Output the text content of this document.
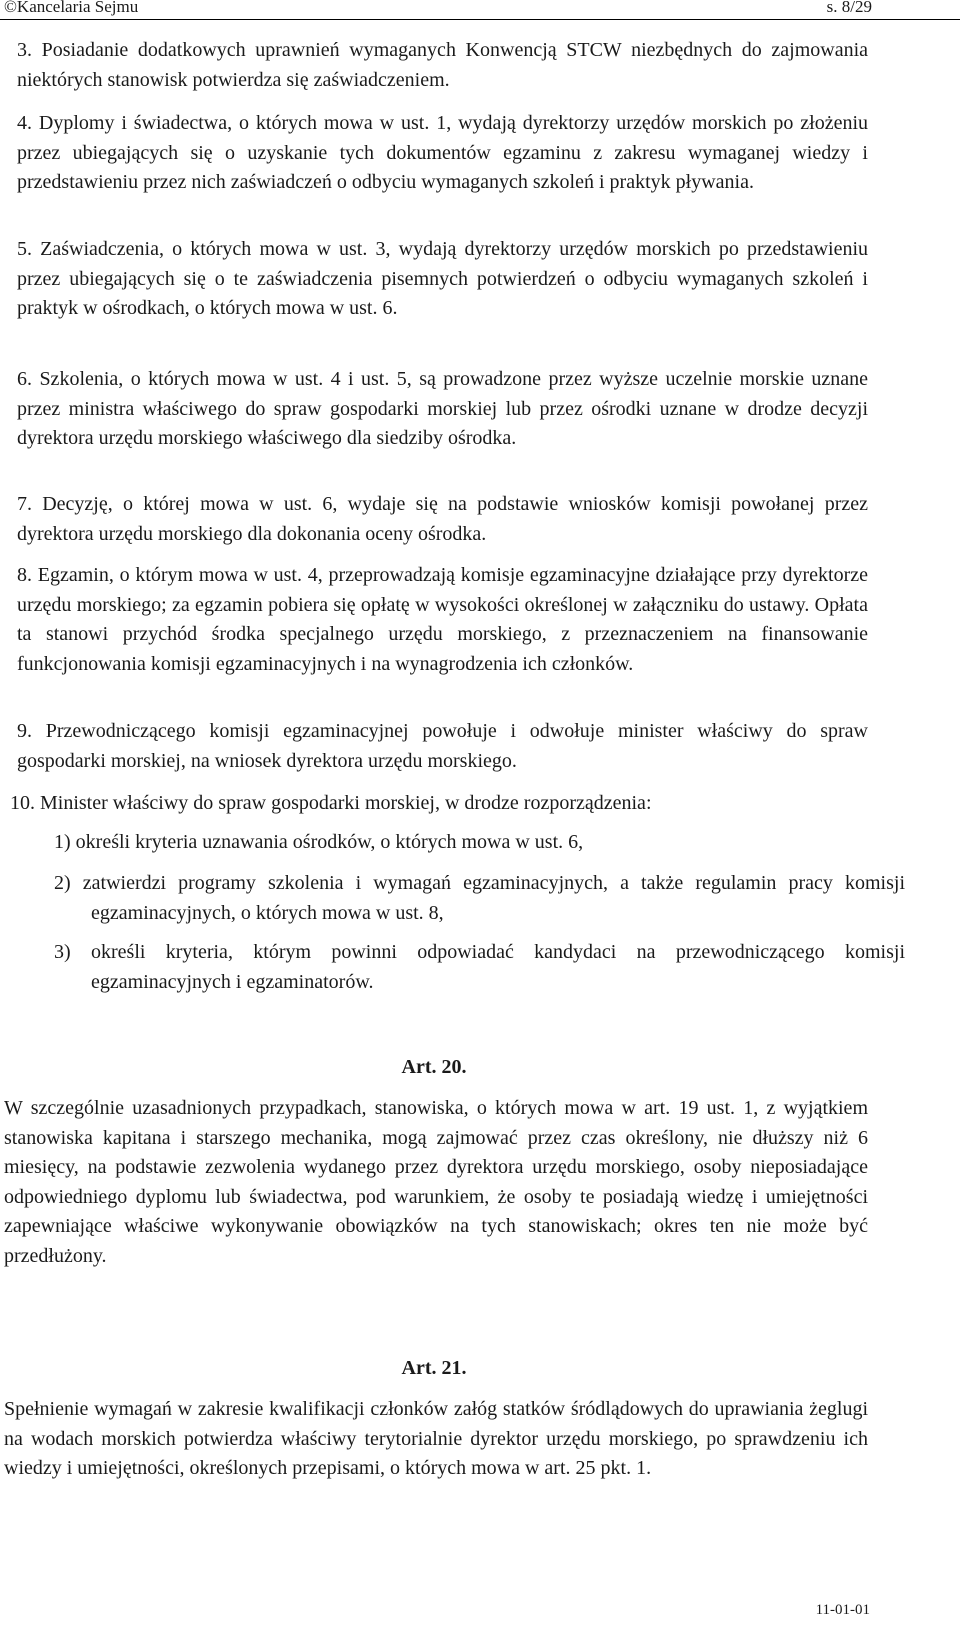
©Kancelaria Sejmu	s. 8/29

3. Posiadanie dodatkowych uprawnień wymaganych Konwencją STCW niezbędnych do zajmowania niektórych stanowisk potwierdza się zaświadczeniem.

4. Dyplomy i świadectwa, o których mowa w ust. 1, wydają dyrektorzy urzędów morskich po złożeniu przez ubiegających się o uzyskanie tych dokumentów egzaminu z zakresu wymaganej wiedzy i przedstawieniu przez nich zaświadczeń o odbyciu wymaganych szkoleń i praktyk pływania.

5. Zaświadczenia, o których mowa w ust. 3, wydają dyrektorzy urzędów morskich po przedstawieniu przez ubiegających się o te zaświadczenia pisemnych potwierdzeń o odbyciu wymaganych szkoleń i praktyk w ośrodkach, o których mowa w ust. 6.

6. Szkolenia, o których mowa w ust. 4 i ust. 5, są prowadzone przez wyższe uczelnie morskie uznane przez ministra właściwego do spraw gospodarki morskiej lub przez ośrodki uznane w drodze decyzji dyrektora urzędu morskiego właściwego dla siedziby ośrodka.

7. Decyzję, o której mowa w ust. 6, wydaje się na podstawie wniosków komisji powołanej przez dyrektora urzędu morskiego dla dokonania oceny ośrodka.

8. Egzamin, o którym mowa w ust. 4, przeprowadzają komisje egzaminacyjne działające przy dyrektorze urzędu morskiego; za egzamin pobiera się opłatę w wysokości określonej w załączniku do ustawy. Opłata ta stanowi przychód środka specjalnego urzędu morskiego, z przeznaczeniem na finansowanie funkcjonowania komisji egzaminacyjnych i na wynagrodzenia ich członków.

9. Przewodniczącego komisji egzaminacyjnej powołuje i odwołuje minister właściwy do spraw gospodarki morskiej, na wniosek dyrektora urzędu morskiego.

10. Minister właściwy do spraw gospodarki morskiej, w drodze rozporządzenia:

1) określi kryteria uznawania ośrodków, o których mowa w ust. 6,

2) zatwierdzi programy szkolenia i wymagań egzaminacyjnych, a także regulamin pracy komisji egzaminacyjnych, o których mowa w ust. 8,

3) określi kryteria, którym powinni odpowiadać kandydaci na przewodniczącego komisji egzaminacyjnych i egzaminatorów.

Art. 20.

W szczególnie uzasadnionych przypadkach, stanowiska, o których mowa w art. 19 ust. 1, z wyjątkiem stanowiska kapitana i starszego mechanika, mogą zajmować przez czas określony, nie dłuższy niż 6 miesięcy, na podstawie zezwolenia wydanego przez dyrektora urzędu morskiego, osoby nieposiadające odpowiedniego dyplomu lub świadectwa, pod warunkiem, że osoby te posiadają wiedzę i umiejętności zapewniające właściwe wykonywanie obowiązków na tych stanowiskach; okres ten nie może być przedłużony.

Art. 21.

Spełnienie wymagań w zakresie kwalifikacji członków załóg statków śródlądowych do uprawiania żeglugi na wodach morskich potwierdza właściwy terytorialnie dyrektor urzędu morskiego, po sprawdzeniu ich wiedzy i umiejętności, określonych przepisami, o których mowa w art. 25 pkt. 1.

11-01-01
